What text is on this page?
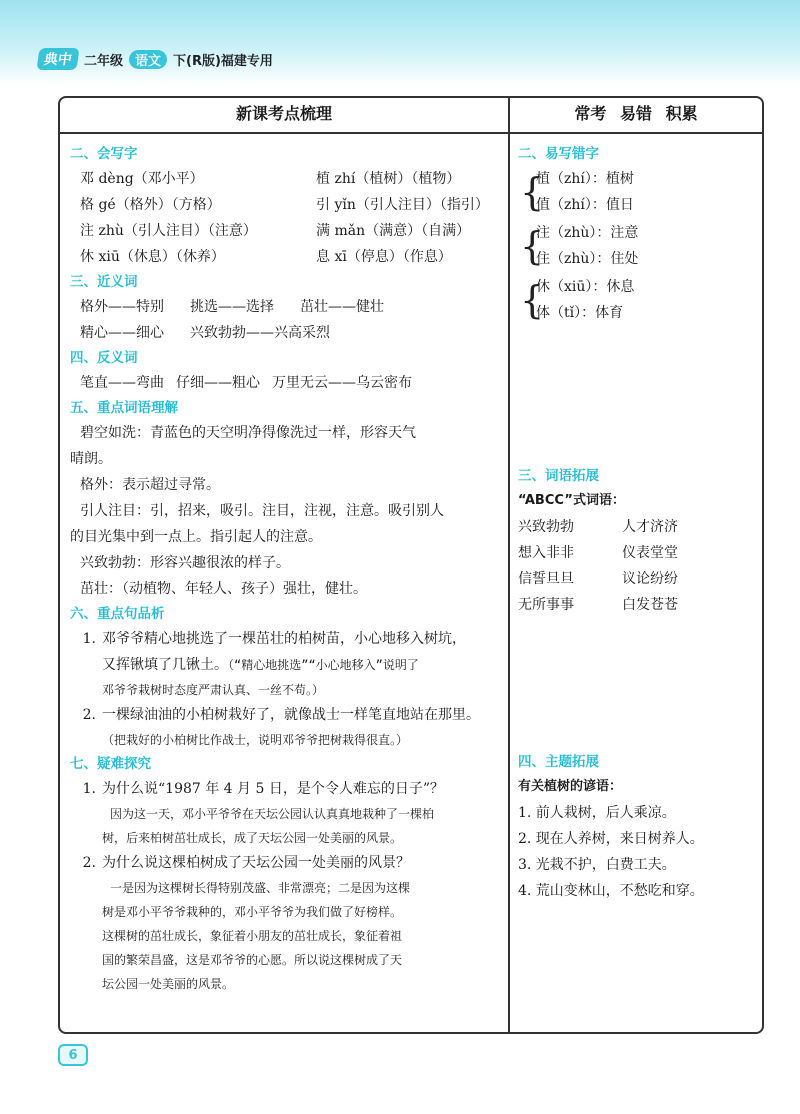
典中 二年级 语文 下(R版)福建专用
新课考点梳理	常考 易错 积累
二、会写字
邓 dèng（邓小平）	植 zhí（植树）（植物）
格 gé（格外）（方格）	引 yǐn（引人注目）（指引）
注 zhù（引人注目）（注意）	满 mǎn（满意）（自满）
休 xiū（休息）（休养）	息 xī（停息）（作息）
三、近义词
格外——特别 挑选——选择 茁壮——健壮
精心——细心 兴致勃勃——兴高采烈
四、反义词
笔直——弯曲 仔细——粗心 万里无云——乌云密布
五、重点词语理解
碧空如洗：青蓝色的天空明净得像洗过一样，形容天气
晴朗。
格外：表示超过寻常。
引人注目：引，招来，吸引。注目，注视，注意。吸引别人
的目光集中到一点上。指引起人的注意。
兴致勃勃：形容兴趣很浓的样子。
茁壮：（动植物、年轻人、孩子）强壮，健壮。
六、重点句品析
1. 邓爷爷精心地挑选了一棵茁壮的柏树苗，小心地移入树坑，
又挥锹填了几锹土。（“精心地挑选”“小心地移入”说明了
邓爷爷栽树时态度严肃认真、一丝不苟。）
2. 一棵绿油油的小柏树栽好了，就像战士一样笔直地站在那里。
（把栽好的小柏树比作战士，说明邓爷爷把树栽得很直。）
七、疑难探究
1. 为什么说“1987 年 4 月 5 日，是个令人难忘的日子”？
因为这一天，邓小平爷爷在天坛公园认认真真地栽种了一棵柏
树，后来柏树茁壮成长，成了天坛公园一处美丽的风景。
2. 为什么说这棵柏树成了天坛公园一处美丽的风景？
一是因为这棵树长得特别茂盛、非常漂亮；二是因为这棵
树是邓小平爷爷栽种的，邓小平爷爷为我们做了好榜样。
这棵树的茁壮成长，象征着小朋友的茁壮成长，象征着祖
国的繁荣昌盛，这是邓爷爷的心愿。所以说这棵树成了天
坛公园一处美丽的风景。
二、易写错字
{
植（zhí）：植树
值（zhí）：值日
{
注（zhù）：注意
住（zhù）：住处
{
休（xiū）：休息
体（tǐ）：体育
三、词语拓展
“ABCC”式词语：
兴致勃勃	人才济济
想入非非	仪表堂堂
信誓旦旦	议论纷纷
无所事事	白发苍苍
四、主题拓展
有关植树的谚语：
1. 前人栽树，后人乘凉。
2. 现在人养树，来日树养人。
3. 光栽不护，白费工夫。
4. 荒山变林山，不愁吃和穿。
6
